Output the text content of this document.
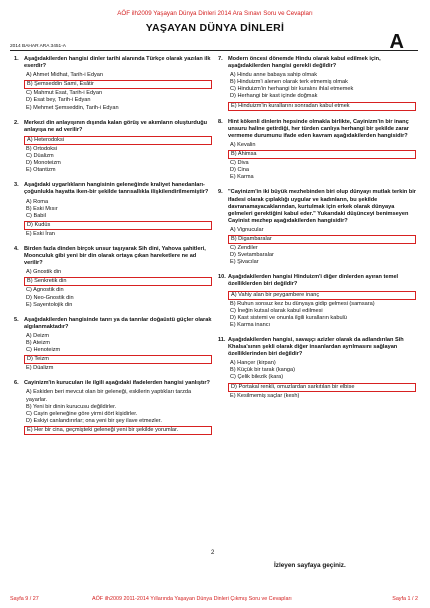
AÖF ilh2009 Yaşayan Dünya Dinleri 2014 Ara Sınavı Soru ve Cevapları
YAŞAYAN DÜNYA DİNLERİ
A
2014 BAHAR ARA 3451-A
1. Aşağıdakilerden hangisi dinler tarihi alanında Türkçe olarak yazılan ilk eserdir?
A) Ahmet Midhat, Tarih-i Edyan
B) Şemseddin Sami, Esâtir
C) Mahmut Esat, Tarih-i Edyan
D) Esat bey, Tarih-i Edyan
E) Mehmet Şemseddin, Tarih-i Edyan
2. Merkezi din anlayışının dışında kalan görüş ve akımların oluşturduğu anlayışa ne ad verilir?
A) Heterodoksi
B) Ortodoksi
C) Düalizm
D) Monoteizm
E) Otantizm
3. Aşağıdaki uygarlıkların hangisinin geleneğinde kraliyet hanedanları-çoğunlukla hayatta iken-bir şekilde tanrısallıkla ilişkilendirilmemiştir?
A) Roma
B) Eski Mısır
C) Babil
D) Kudüs
E) Eski İran
4. Birden fazla dinden birçok unsur taşıyarak Sih dini, Yahova şahitleri, Moonculuk gibi yeni bir din olarak ortaya çıkan hareketlere ne ad verilir?
A) Gnostik din
B) Senkretik din
C) Agnostik din
D) Neo-Gnostik din
E) Sayentolojik din
5. Aşağıdakilerden hangisinde tanrı ya da tanrılar doğaüstü güçler olarak algılanmaktadır?
A) Deizm
B) Ateizm
C) Henoteizm
D) Teizm
E) Düalizm
6. Cayinizm'in kurucuları ile ilgili aşağıdaki ifadelerden hangisi yanlıştır?
A) Eskiden beri mevcut olan bir geleneği, eskilerin yaptıkları tarzda yayarlar.
B) Yeni bir dinin kurucusu değildirler.
C) Cayin geleneğine göre yirmi dört kişidirler.
D) Eskiyi canlandırırlar; ona yeni bir şey ilave etmezler.
E) Her bir cina, geçmişteki geleneği yeni bir şekilde yorumlar.
7. Modern öncesi dönemde Hindu olarak kabul edilmek için, aşağıdakilerden hangisi gerekli değildir?
A) Hindu anne babaya sahip olmak
B) Hinduizm'i alenen olarak terk etmemiş olmak
C) Hinduizm'in herhangi bir kuralını ihlal etmemek
D) Herhangi bir kast içinde doğmak
E) Hinduizm'in kurallarını sonradan kabul etmek
8. Hint kökenli dinlerin hepsinde olmakla birlikte, Cayinizm'in bir inanç unsuru haline getirdiği, her türden canlıya herhangi bir şekilde zarar vermeme durumunu ifade eden kavram aşağıdakilerden hangisidir?
A) Kevalin
B) Ahimsa
C) Diva
D) Cina
E) Karma
9. "Cayinizm'in iki büyük mezhebinden biri olup dünyayı mutlak terkin bir ifadesi olarak çıplaklığı uygular ve kadınların, bu şekilde davranamayacaklarından, kurtulmak için erkek olarak dünyaya gelmeleri gerektiğini kabul eder." Yukarıdaki düşünceyi benimseyen Cayinist mezhep aşağıdakilerden hangisidir?
A) Vignucular
B) Digambaralar
C) Zendiler
D) Svetambaralar
E) Şivacılar
10. Aşağıdakilerden hangisi Hinduizm'i diğer dinlerden ayıran temel özelliklerden biri değildir?
A) Vahiy alan bir peygambere inanç
B) Ruhun sonsuz kez bu dünyaya gidip gelmesi (samsara)
C) İneğin kutsal olarak kabul edilmesi
D) Kast sistemi ve onunla ilgili kuralların kabulü
E) Karma inancı
11. Aşağıdakilerden hangisi, savaşçı azizler olarak da adlandırılan Sih Khalsa'sının şekli olarak diğer insanlardan ayrılmasını sağlayan özelliklerinden biri değildir?
A) Hançer (kirpan)
B) Küçük bir tarak (kanga)
C) Çelik bilezik (kara)
D) Portakal renkli, omuzlardan sarkıtılan bir elbise
E) Kesilmemiş saçlar (kesh)
2
İzleyen sayfaya geçiniz.
Sayfa 9 / 27	AÖF ilh2009 2011-2014 Yıllarında Yaşayan Dünya Dinleri Çıkmış Soru ve Cevapları	Sayfa 1 / 2
